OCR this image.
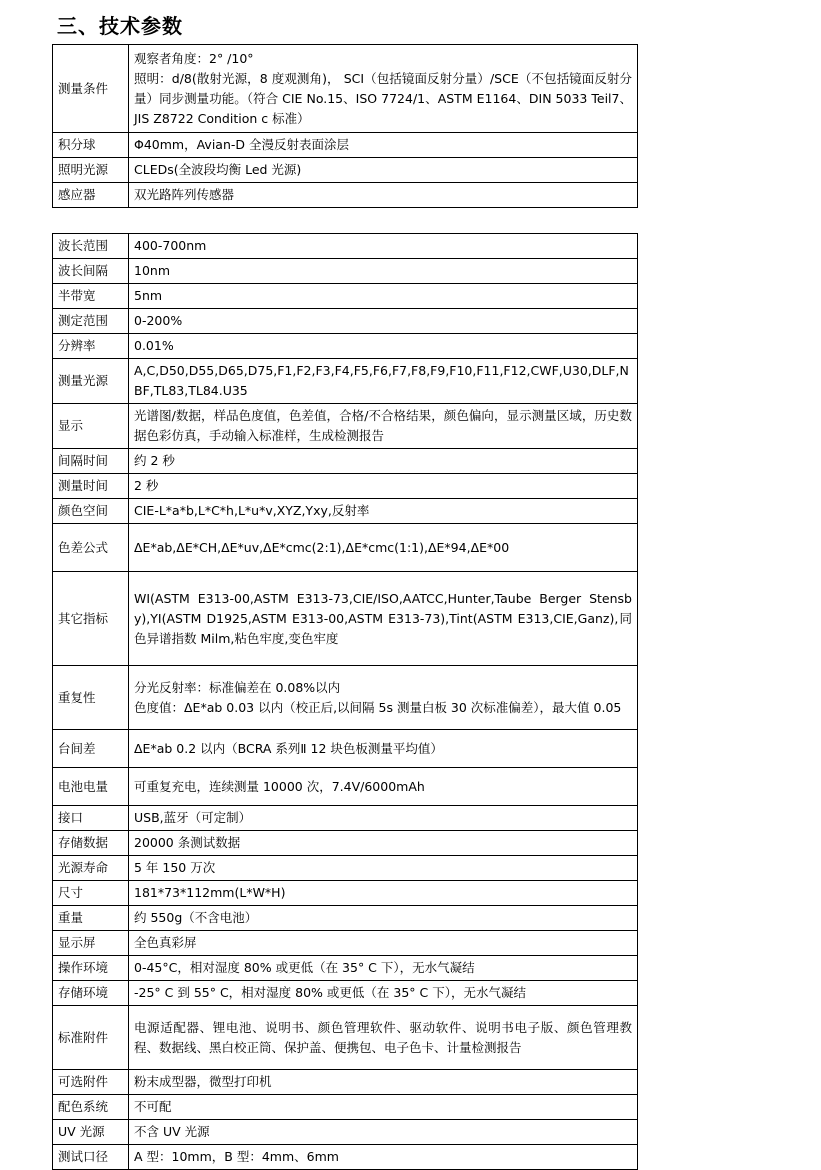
三、技术参数
测量条件	观察者角度：2° /10°
照明：d/8(散射光源，8 度观测角)， SCI（包括镜面反射分量）/SCE（不包括镜面反射分量）同步测量功能。（符合 CIE No.15、ISO 7724/1、ASTM E1164、DIN 5033 Teil7、 JIS Z8722 Condition c 标准）

积分球	Φ40mm，Avian-D 全漫反射表面涂层

照明光源	CLEDs(全波段均衡 Led 光源)

感应器	双光路阵列传感器
波长范围	400-700nm

波长间隔	10nm

半带宽	5nm

测定范围	0-200%

分辨率	0.01%

测量光源	A,C,D50,D55,D65,D75,F1,F2,F3,F4,F5,F6,F7,F8,F9,F10,F11,F12,CWF,U30,DLF,NBF,TL83,TL84.U35

显示	光谱图/数据，样品色度值，色差值，合格/不合格结果，颜色偏向，显示测量区域，历史数据色彩仿真，手动输入标准样，生成检测报告

间隔时间	约 2 秒

测量时间	2 秒

颜色空间	CIE-L*a*b,L*C*h,L*u*v,XYZ,Yxy,反射率

色差公式	ΔE*ab,ΔE*CH,ΔE*uv,ΔE*cmc(2:1),ΔE*cmc(1:1),ΔE*94,ΔE*00

其它指标	WI(ASTM E313-00,ASTM E313-73,CIE/ISO,AATCC,Hunter,Taube Berger Stensby),YI(ASTM D1925,ASTM E313-00,ASTM E313-73),Tint(ASTM E313,CIE,Ganz),同色异谱指数 Milm,粘色牢度,变色牢度

重复性	分光反射率：标准偏差在 0.08%以内
色度值：ΔE*ab 0.03 以内（校正后,以间隔 5s 测量白板 30 次标准偏差），最大值 0.05

台间差	ΔE*ab 0.2 以内（BCRA 系列Ⅱ 12 块色板测量平均值）

电池电量	可重复充电，连续测量 10000 次，7.4V/6000mAh

接口	USB,蓝牙（可定制）

存储数据	20000 条测试数据

光源寿命	5 年 150 万次

尺寸	181*73*112mm(L*W*H)

重量	约 550g（不含电池）

显示屏	全色真彩屏

操作环境	0-45°C，相对湿度 80% 或更低（在 35° C 下），无水气凝结

存储环境	-25° C 到 55° C，相对湿度 80% 或更低（在 35° C 下），无水气凝结

标准附件	电源适配器、锂电池、说明书、颜色管理软件、驱动软件、说明书电子版、颜色管理教程、数据线、黑白校正筒、保护盖、便携包、电子色卡、计量检测报告

可选附件	粉末成型器，微型打印机

配色系统	不可配

UV 光源	不含 UV 光源

测试口径	A 型：10mm，B 型：4mm、6mm
